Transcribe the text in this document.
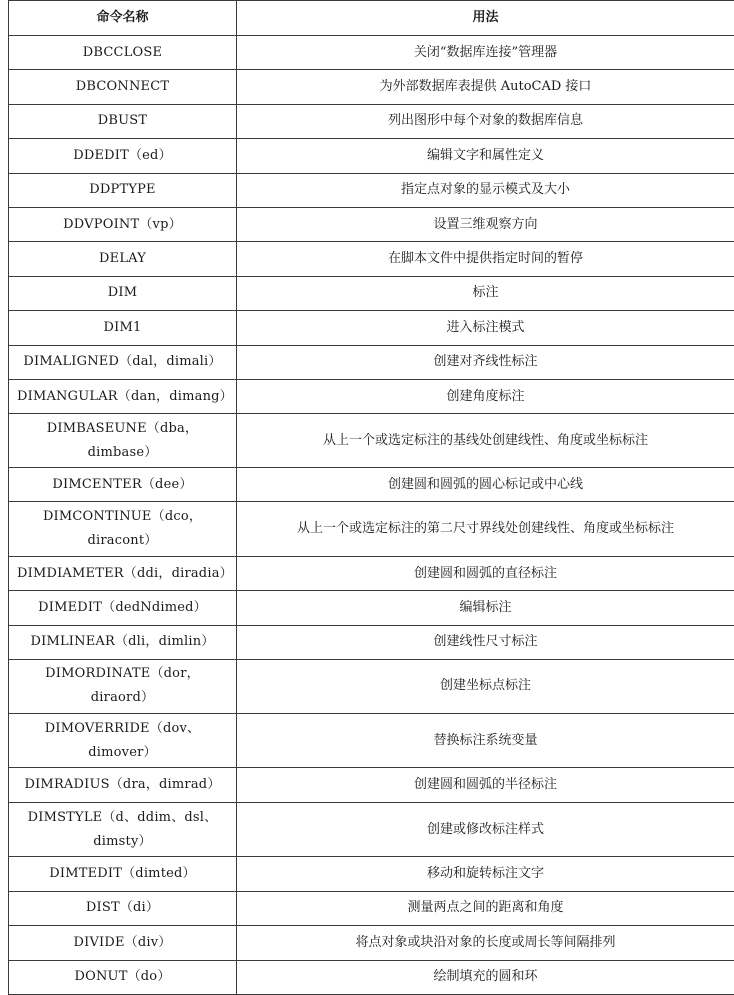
命令名称	用法
DBCCLOSE	关闭“数据库连接”管理器
DBCONNECT	为外部数据库表提供 AutoCAD 接口
DBUST	列出图形中每个对象的数据库信息
DDEDIT（ed）	编辑文字和属性定义
DDPTYPE	指定点对象的显示模式及大小
DDVPOINT（vp）	设置三维观察方向
DELAY	在脚本文件中提供指定时间的暂停
DIM	标注
DIM1	进入标注模式
DIMALIGNED（dal，dimali）	创建对齐线性标注
DIMANGULAR（dan，dimang）	创建角度标注
DIMBASEUNE（dba，dimbase）	从上一个或选定标注的基线处创建线性、角度或坐标标注
DIMCENTER（dee）	创建圆和圆弧的圆心标记或中心线
DIMCONTINUE（dco，
diracont）	从上一个或选定标注的第二尺寸界线处创建线性、角度或坐标标注
DIMDIAMETER（ddi，diradia）	创建圆和圆弧的直径标注
DIMEDIT（dedNdimed）	编辑标注
DIMLINEAR（dli，dimlin）	创建线性尺寸标注
DIMORDINATE（dor，diraord）	创建坐标点标注
DIMOVERRIDE（dov、
dimover）	替换标注系统变量
DIMRADIUS（dra，dimrad）	创建圆和圆弧的半径标注
DIMSTYLE（d、ddim、dsl、
dimsty）	创建或修改标注样式
DIMTEDIT（dimted）	移动和旋转标注文字
DIST（di）	测量两点之间的距离和角度
DIVIDE（div）	将点对象或块沿对象的长度或周长等间隔排列
DONUT（do）	绘制填充的圆和环
